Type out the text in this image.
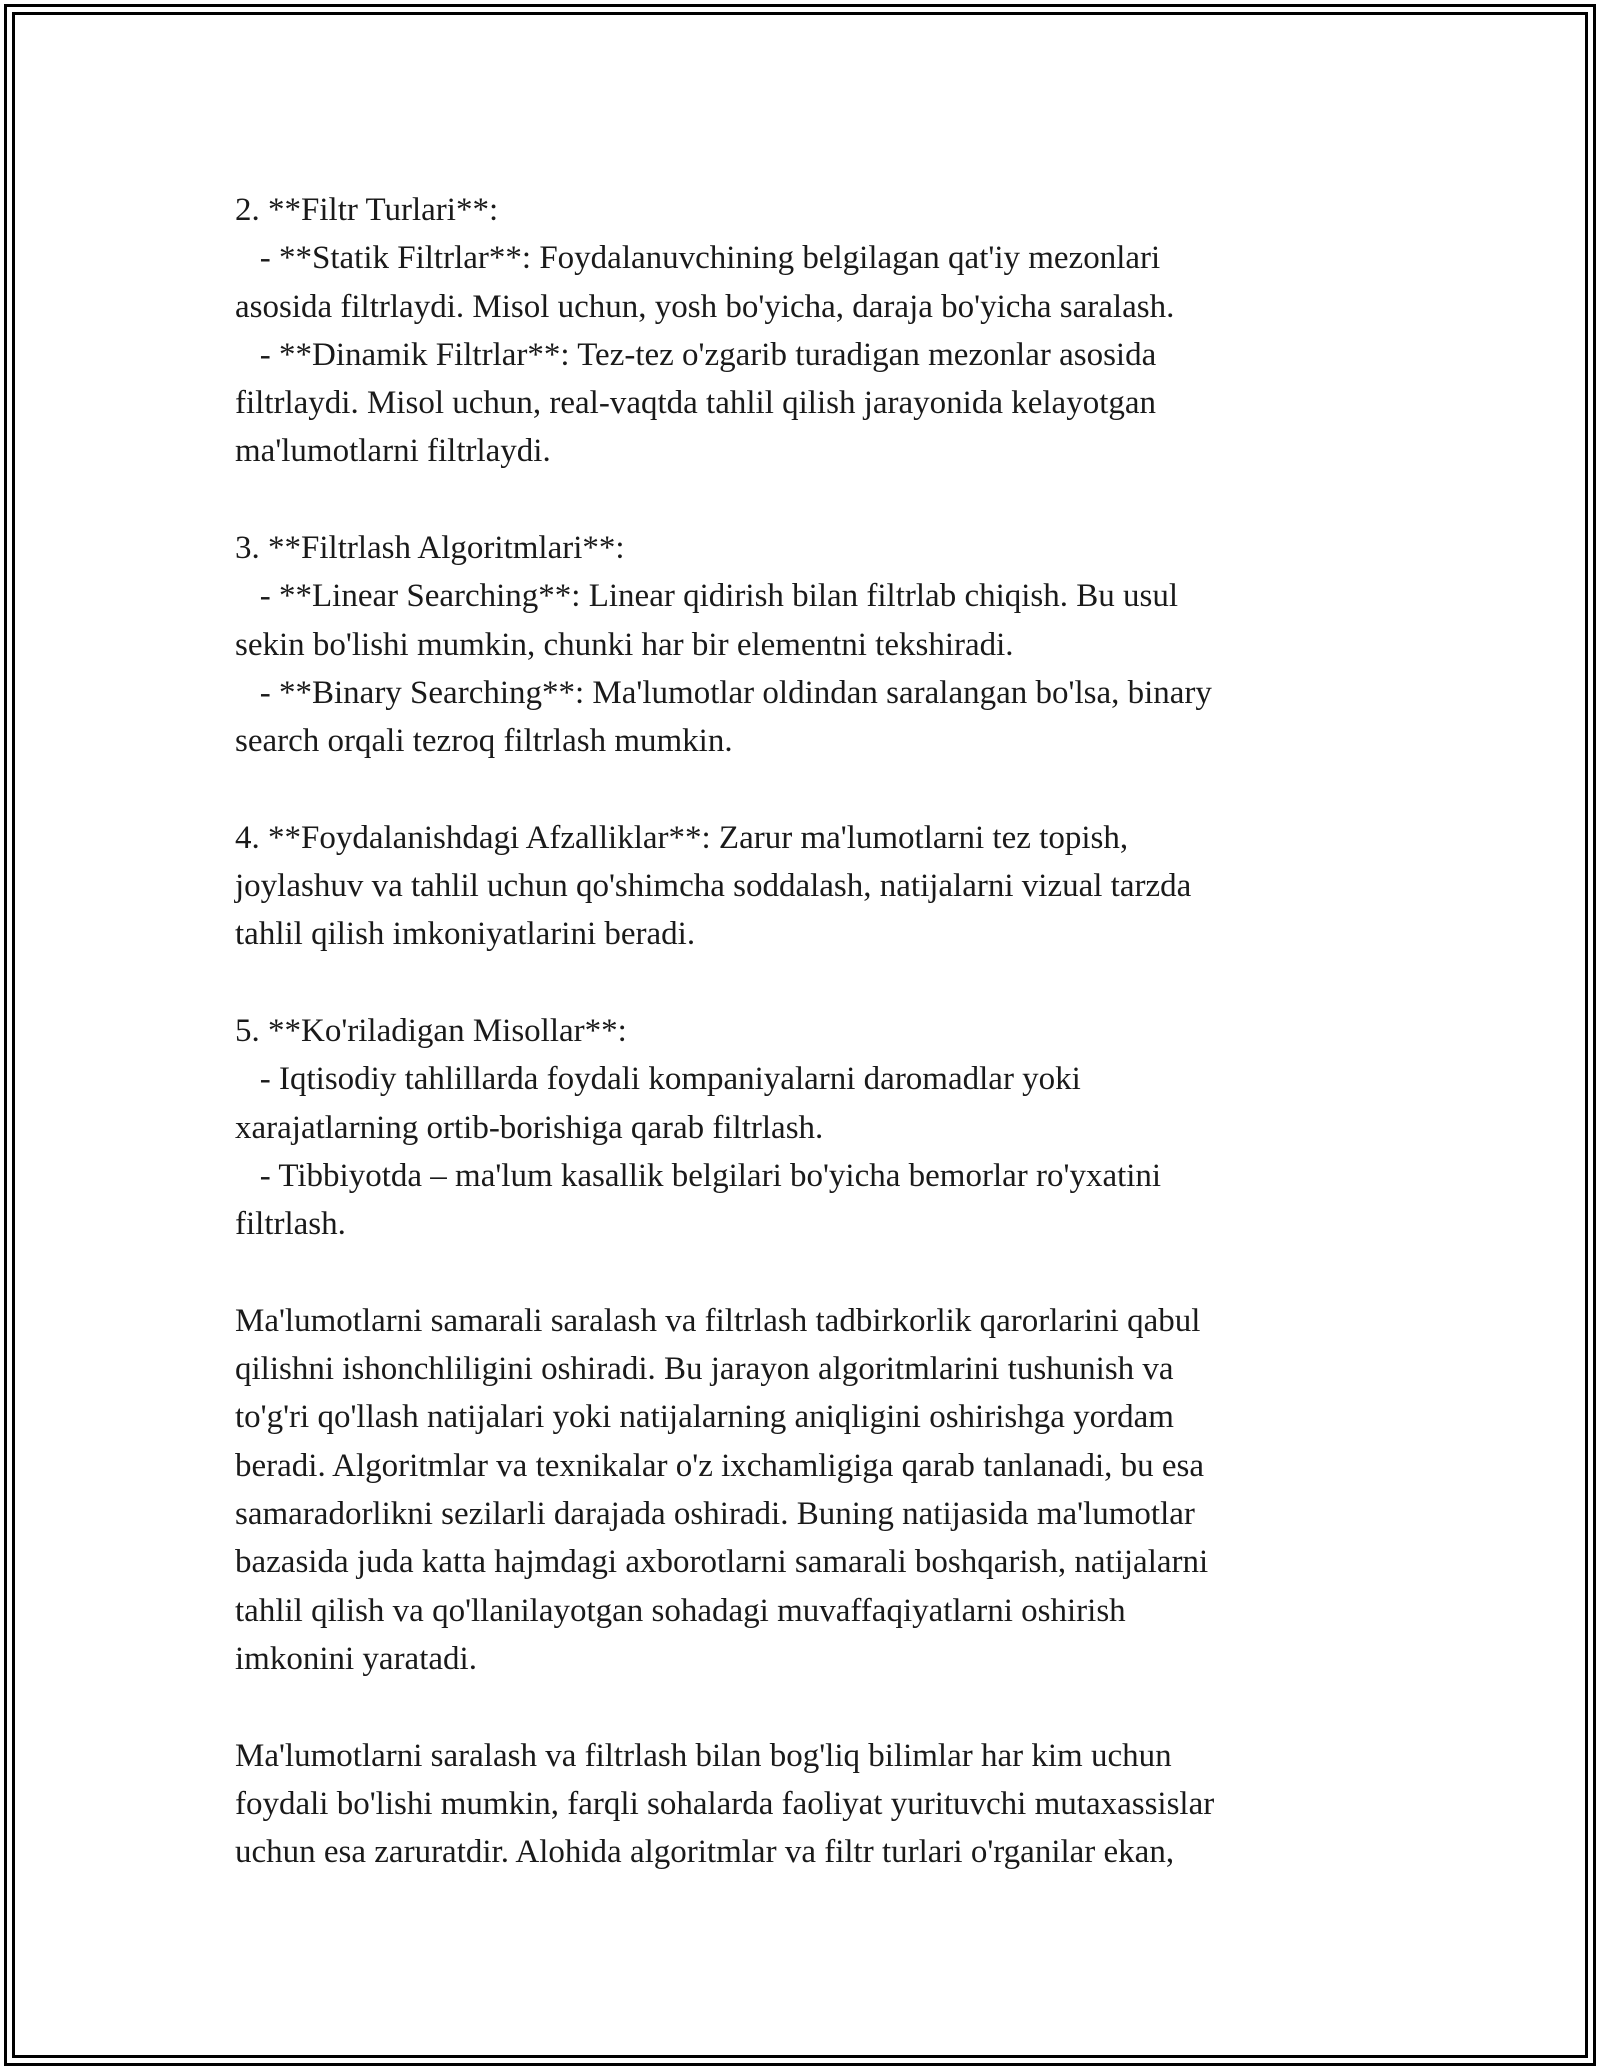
2. **Filtr Turlari**:
- **Statik Filtrlar**: Foydalanuvchining belgilagan qat'iy mezonlari
asosida filtrlaydi. Misol uchun, yosh bo'yicha, daraja bo'yicha saralash.
- **Dinamik Filtrlar**: Tez-tez o'zgarib turadigan mezonlar asosida
filtrlaydi. Misol uchun, real-vaqtda tahlil qilish jarayonida kelayotgan
ma'lumotlarni filtrlaydi.
3. **Filtrlash Algoritmlari**:
- **Linear Searching**: Linear qidirish bilan filtrlab chiqish. Bu usul
sekin bo'lishi mumkin, chunki har bir elementni tekshiradi.
- **Binary Searching**: Ma'lumotlar oldindan saralangan bo'lsa, binary
search orqali tezroq filtrlash mumkin.
4. **Foydalanishdagi Afzalliklar**: Zarur ma'lumotlarni tez topish,
joylashuv va tahlil uchun qo'shimcha soddalash, natijalarni vizual tarzda
tahlil qilish imkoniyatlarini beradi.
5. **Ko'riladigan Misollar**:
- Iqtisodiy tahlillarda foydali kompaniyalarni daromadlar yoki
xarajatlarning ortib-borishiga qarab filtrlash.
- Tibbiyotda – ma'lum kasallik belgilari bo'yicha bemorlar ro'yxatini
filtrlash.
Ma'lumotlarni samarali saralash va filtrlash tadbirkorlik qarorlarini qabul
qilishni ishonchliligini oshiradi. Bu jarayon algoritmlarini tushunish va
to'g'ri qo'llash natijalari yoki natijalarning aniqligini oshirishga yordam
beradi. Algoritmlar va texnikalar o'z ixchamligiga qarab tanlanadi, bu esa
samaradorlikni sezilarli darajada oshiradi. Buning natijasida ma'lumotlar
bazasida juda katta hajmdagi axborotlarni samarali boshqarish, natijalarni
tahlil qilish va qo'llanilayotgan sohadagi muvaffaqiyatlarni oshirish
imkonini yaratadi.
Ma'lumotlarni saralash va filtrlash bilan bog'liq bilimlar har kim uchun
foydali bo'lishi mumkin, farqli sohalarda faoliyat yurituvchi mutaxassislar
uchun esa zaruratdir. Alohida algoritmlar va filtr turlari o'rganilar ekan,
